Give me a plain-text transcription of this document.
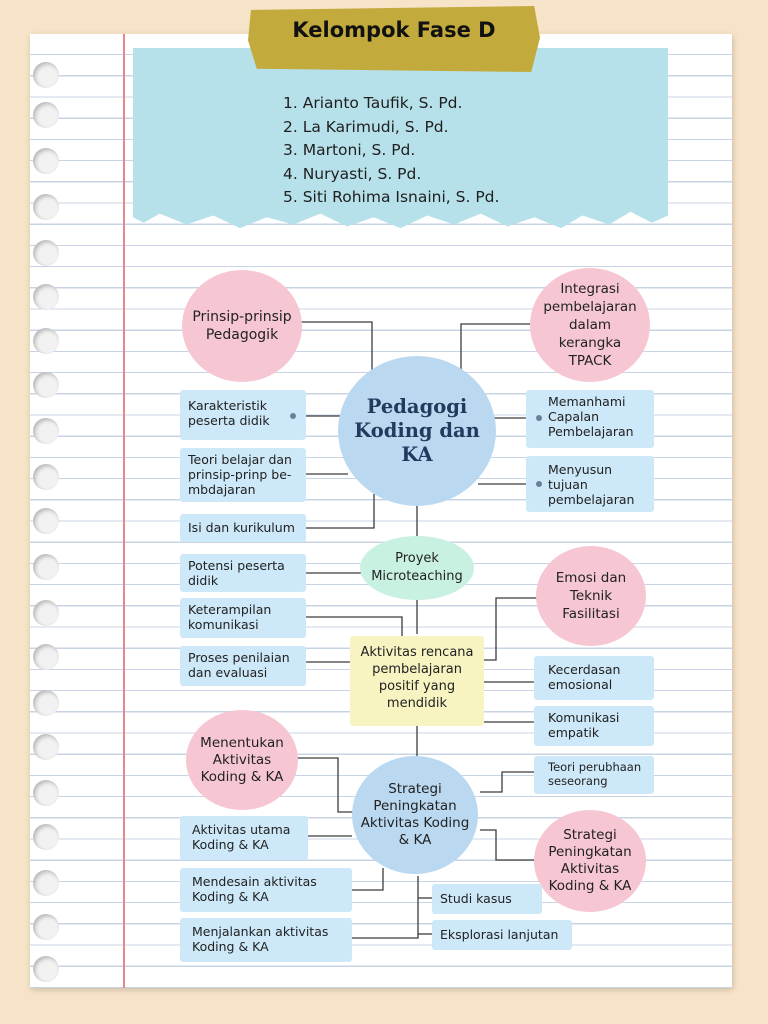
1. Arianto Taufik, S. Pd.
2. La Karimudi, S. Pd.
3. Martoni, S. Pd.
4. Nuryasti, S. Pd.
5. Siti Rohima Isnaini, S. Pd.
Kelompok Fase D
Pedagogi Koding dan KA
Prinsip-prinsip Pedagogik
Integrasi pembelajaran dalam kerangka TPACK
Emosi dan Teknik Fasilitasi
Menentukan Aktivitas Koding & KA
Strategi Peningkatan Aktivitas Koding & KA
Proyek Microteaching
Strategi Peningkatan Aktivitas Koding & KA
Karakteristik peserta didik
Teori belajar dan prinsip-prinp be-mbdajaran
Isi dan kurikulum
Memanhami Capalan Pembelajaran
Menyusun tujuan pembelajaran
Potensi peserta didik
Keterampilan komunikasi
Proses penilaian dan evaluasi
Aktivitas rencana pembelajaran positif yang mendidik
Kecerdasan emosional
Komunikasi empatik
Teori perubhaan seseorang
Aktivitas utama Koding & KA
Mendesain aktivitas Koding & KA
Menjalankan aktivitas Koding & KA
Studi kasus
Eksplorasi lanjutan
